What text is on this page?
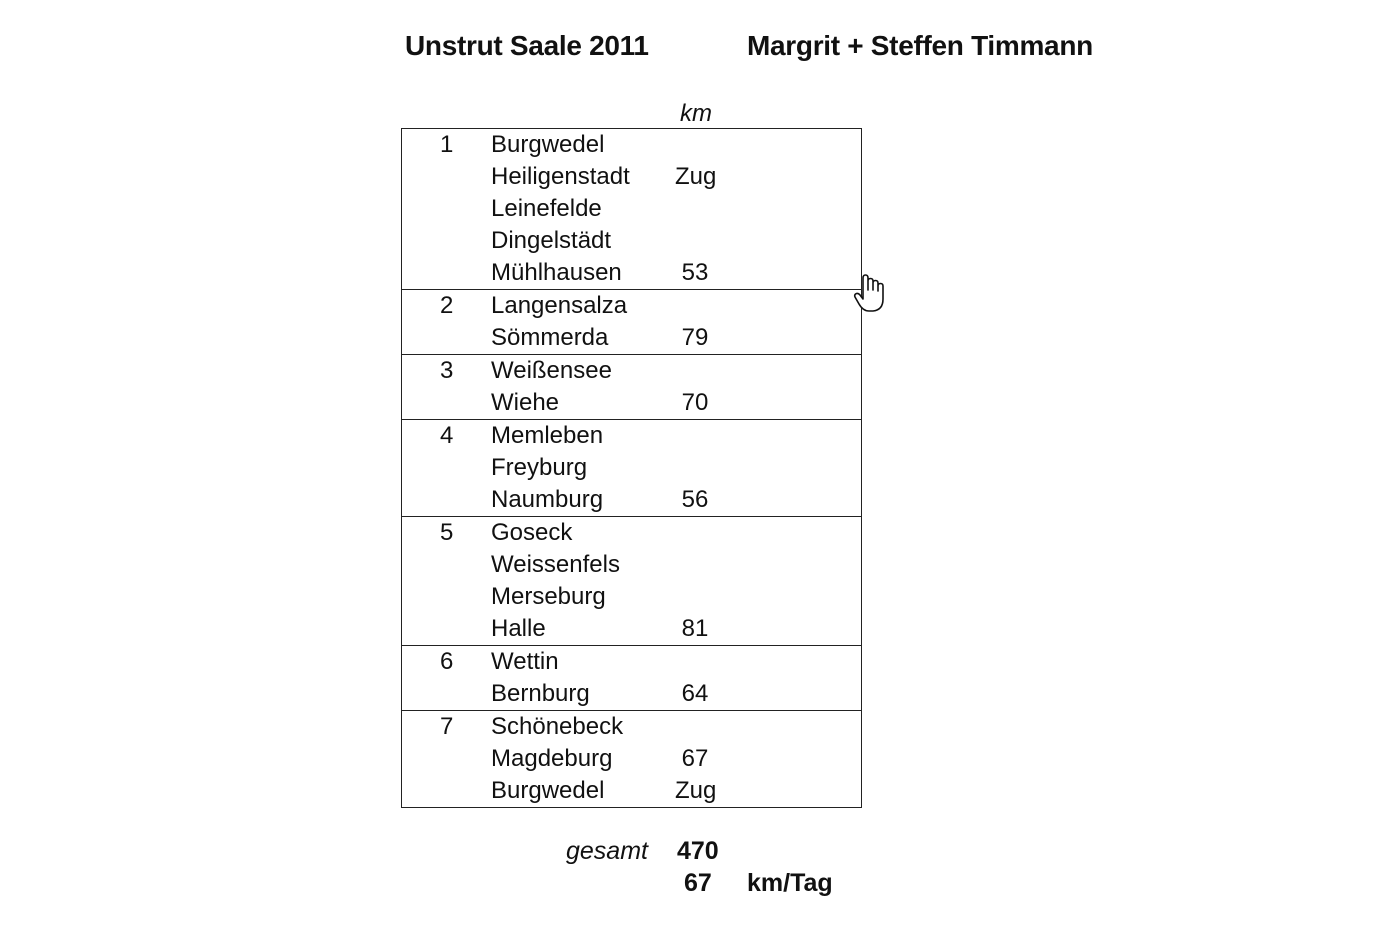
Unstrut Saale 2011	Margrit + Steffen Timmann
km
1 Burgwedel
Heiligenstadt Zug
Leinefelde
Dingelstädt
Mühlhausen 53
2 Langensalza
Sömmerda	79
3 Weißensee
Wiehe	70
4 Memleben
Freyburg
Naumburg	56
5 Goseck
Weissenfels
Merseburg
Halle	81
6 Wettin
Bernburg	64
7 Schönebeck
Magdeburg	67
Burgwedel	Zug
gesamt 470
67 km/Tag
